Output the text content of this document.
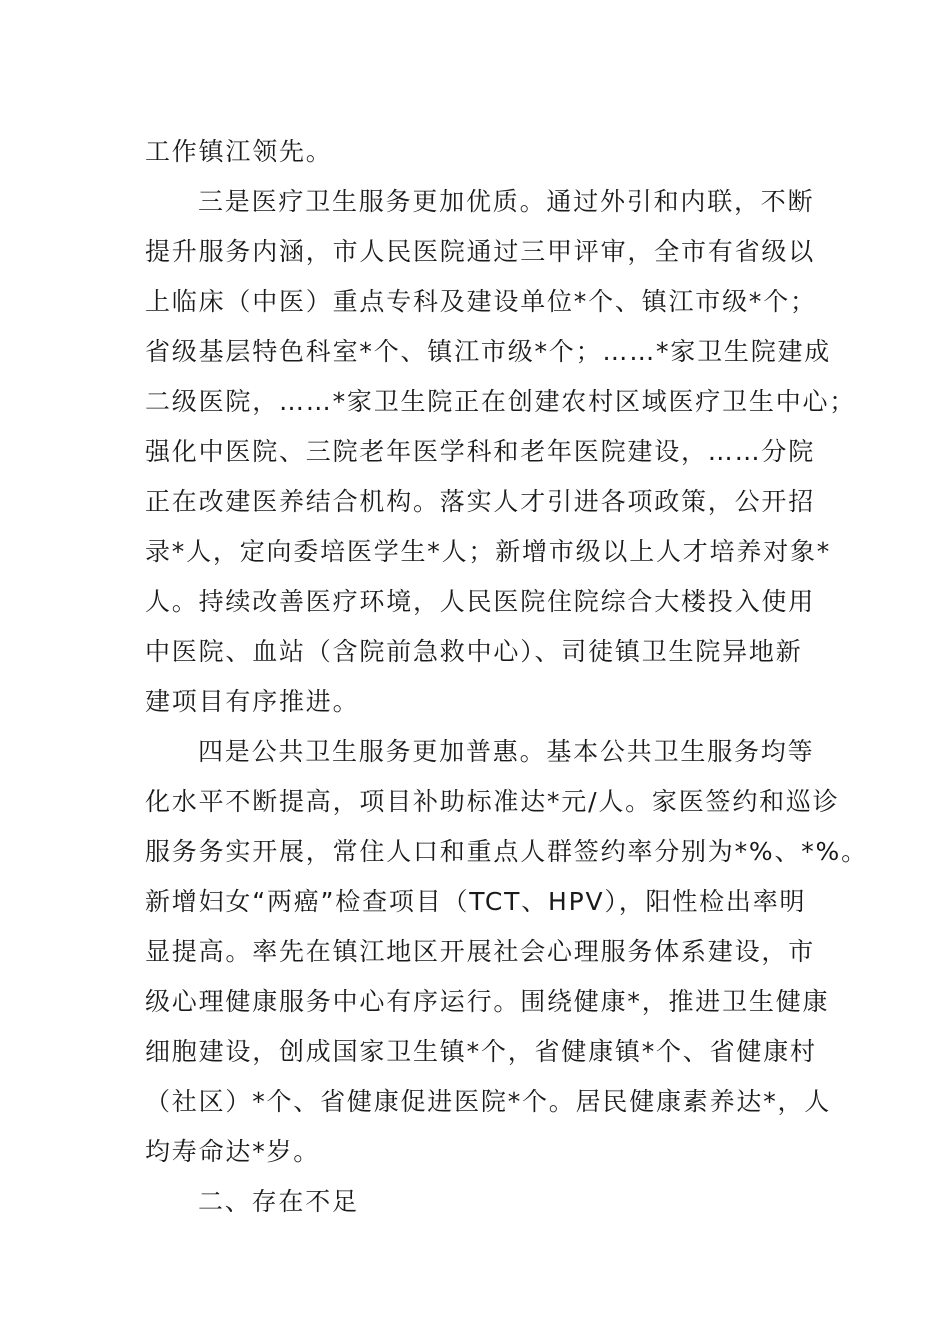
工作镇江领先。
三是医疗卫生服务更加优质。通过外引和内联，不断
提升服务内涵，市人民医院通过三甲评审，全市有省级以
上临床（中医）重点专科及建设单位*个、镇江市级*个；
省级基层特色科室*个、镇江市级*个；……*家卫生院建成
二级医院，……*家卫生院正在创建农村区域医疗卫生中心；
强化中医院、三院老年医学科和老年医院建设，……分院
正在改建医养结合机构。落实人才引进各项政策，公开招
录*人，定向委培医学生*人；新增市级以上人才培养对象*
人。持续改善医疗环境，人民医院住院综合大楼投入使用
中医院、血站（含院前急救中心）、司徒镇卫生院异地新
建项目有序推进。
四是公共卫生服务更加普惠。基本公共卫生服务均等
化水平不断提高，项目补助标准达*元/人。家医签约和巡诊
服务务实开展，常住人口和重点人群签约率分别为*%、*%。
新增妇女“两癌”检查项目（TCT、HPV），阳性检出率明
显提高。率先在镇江地区开展社会心理服务体系建设，市
级心理健康服务中心有序运行。围绕健康*，推进卫生健康
细胞建设，创成国家卫生镇*个，省健康镇*个、省健康村
（社区）*个、省健康促进医院*个。居民健康素养达*，人
均寿命达*岁。
二、存在不足
